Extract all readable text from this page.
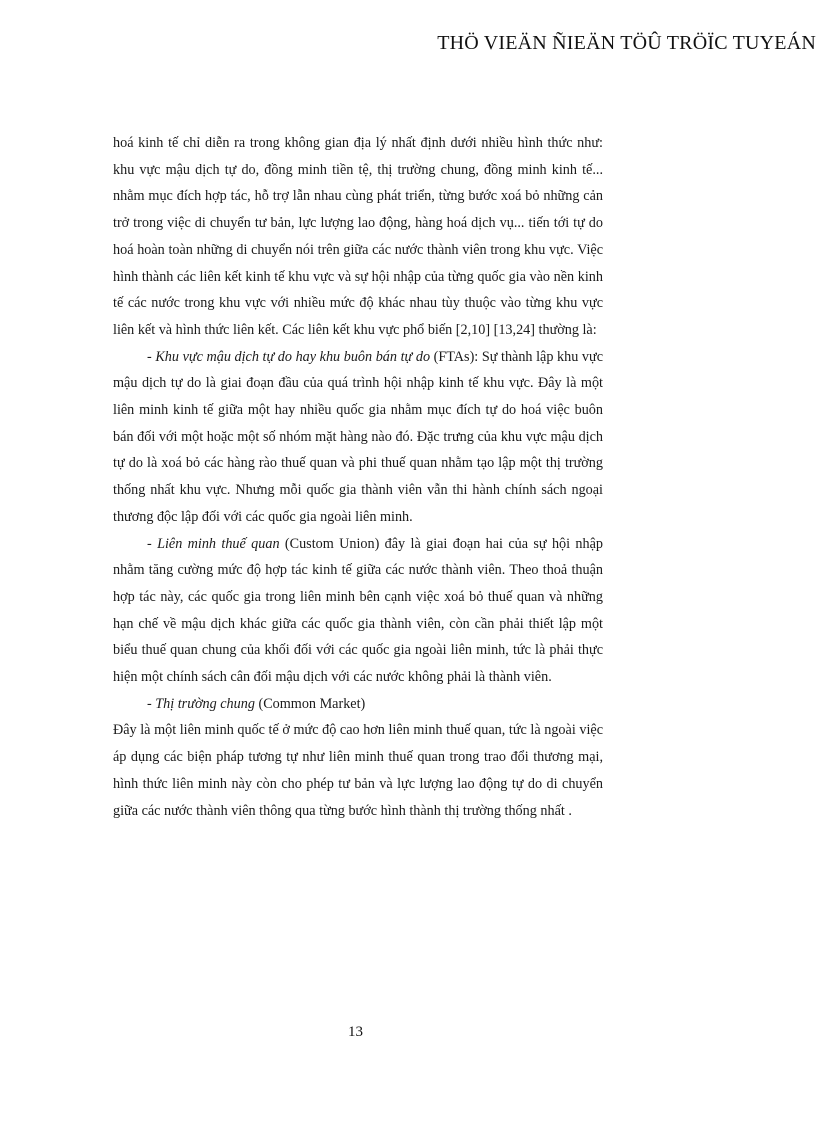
THÖ VIEÄN ÑIEÄN TÖÛ TRÖÏC TUYEÁN

hoá kinh tế chỉ diễn ra trong không gian địa lý nhất định dưới nhiều hình thức như: khu vực mậu dịch tự do, đồng minh tiền tệ, thị trường chung, đồng minh kinh tế... nhằm mục đích hợp tác, hỗ trợ lẫn nhau cùng phát triển, từng bước xoá bỏ những cản trở trong việc di chuyển tư bản, lực lượng lao động, hàng hoá dịch vụ... tiến tới tự do hoá hoàn toàn những di chuyển nói trên giữa các nước thành viên trong khu vực. Việc hình thành các liên kết kinh tế khu vực và sự hội nhập của từng quốc gia vào nền kinh tế các nước trong khu vực với nhiều mức độ khác nhau tùy thuộc vào từng khu vực liên kết và hình thức liên kết. Các liên kết khu vực phổ biến [2,10] [13,24] thường là:

- Khu vực mậu dịch tự do hay khu buôn bán tự do (FTAs): Sự thành lập khu vực mậu dịch tự do là giai đoạn đầu của quá trình hội nhập kinh tế khu vực. Đây là một liên minh kinh tế giữa một hay nhiều quốc gia nhằm mục đích tự do hoá việc buôn bán đối với một hoặc một số nhóm mặt hàng nào đó. Đặc trưng của khu vực mậu dịch tự do là xoá bỏ các hàng rào thuế quan và phi thuế quan nhằm tạo lập một thị trường thống nhất khu vực. Nhưng mỗi quốc gia thành viên vẫn thi hành chính sách ngoại thương độc lập đối với các quốc gia ngoài liên minh.

- Liên minh thuế quan (Custom Union) đây là giai đoạn hai của sự hội nhập nhằm tăng cường mức độ hợp tác kinh tế giữa các nước thành viên. Theo thoả thuận hợp tác này, các quốc gia trong liên minh bên cạnh việc xoá bỏ thuế quan và những hạn chế về mậu dịch khác giữa các quốc gia thành viên, còn cần phải thiết lập một biểu thuế quan chung của khối đối với các quốc gia ngoài liên minh, tức là phải thực hiện một chính sách cân đối mậu dịch với các nước không phải là thành viên.

- Thị trường chung (Common Market)

Đây là một liên minh quốc tế ở mức độ cao hơn liên minh thuế quan, tức là ngoài việc áp dụng các biện pháp tương tự như liên minh thuế quan trong trao đổi thương mại, hình thức liên minh này còn cho phép tư bản và lực lượng lao động tự do di chuyển giữa các nước thành viên thông qua từng bước hình thành thị trường thống nhất .

13
